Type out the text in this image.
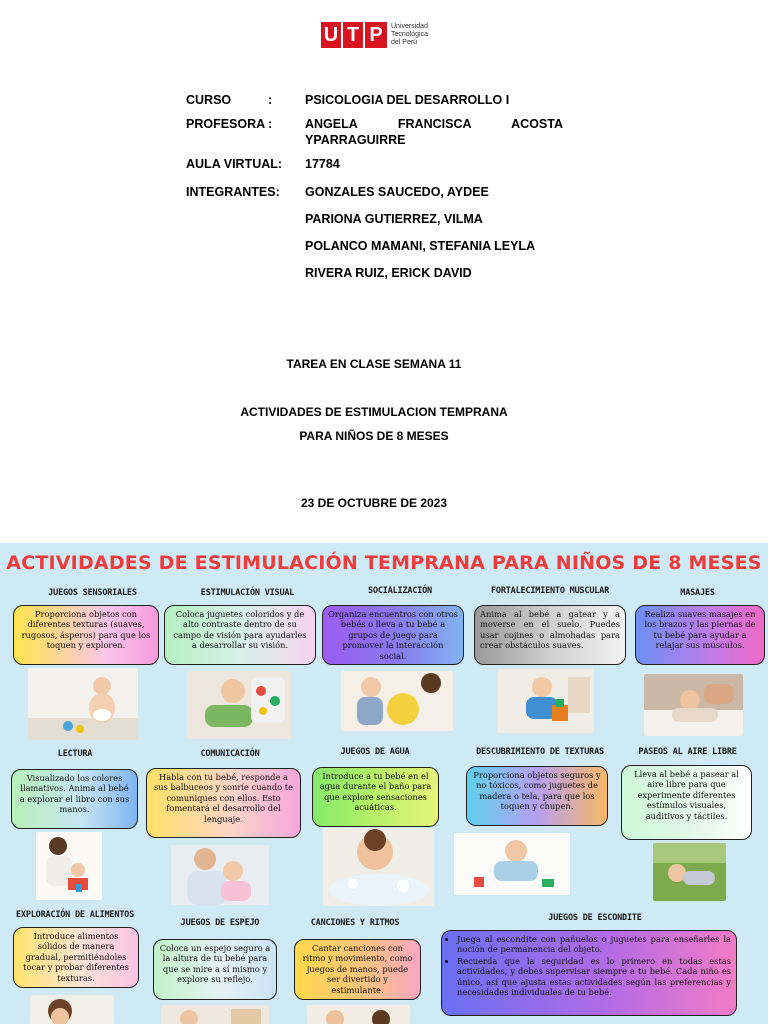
U T P	Universidad
Tecnológica
del Perú
CURSO	:	PSICOLOGIA DEL DESARROLLO I
PROFESORA :	ANGELA FRANCISCA ACOSTA
YPARRAGUIRRE
AULA VIRTUAL: 17784
INTEGRANTES: GONZALES SAUCEDO, AYDEE
PARIONA GUTIERREZ, VILMA
POLANCO MAMANI, STEFANIA LEYLA
RIVERA RUIZ, ERICK DAVID
TAREA EN CLASE SEMANA 11
ACTIVIDADES DE ESTIMULACION TEMPRANA
PARA NIÑOS DE 8 MESES
23 DE OCTUBRE DE 2023
ACTIVIDADES DE ESTIMULACIÓN TEMPRANA PARA NIÑOS DE 8 MESES
JUEGOS SENSORIALES	ESTIMULACIÓN VISUAL	SOCIALIZACIÓN	FORTALECIMIENTO MUSCULAR	MASAJES
Proporciona objetos con diferentes texturas (suaves, rugosos, ásperos) para que los toquen y exploren.
Coloca juguetes coloridos y de alto contraste dentro de su campo de visión para ayudarles a desarrollar su visión.
Organiza encuentros con otros bebés o lleva a tu bebé a grupos de juego para promover la interacción social.
Anima al bebé a gatear y a moverse en el suelo. Puedes usar cojines o almohadas para crear obstáculos suaves.
Realiza suaves masajes en los brazos y las piernas de tu bebé para ayudar a relajar sus músculos.
LECTURA	COMUNICACIÓN	JUEGOS DE AGUA	DESCUBRIMIENTO DE TEXTURAS	PASEOS AL AIRE LIBRE
Visualizado los colores llamativos. Anima al bebé a explorar el libro con sus manos.
Habla con tu bebé, responde a sus balbuceos y sonríe cuando te comuniques con ellos. Esto fomentará el desarrollo del lenguaje.
Introduce a tu bebé en el agua durante el baño para que explore sensaciones acuáticas.
Proporciona objetos seguros y no tóxicos, como juguetes de madera o tela, para que los toquen y chupen.
Lleva al bebé a pasear al aire libre para que experimente diferentes estímulos visuales, auditivos y táctiles.
EXPLORACIÓN DE ALIMENTOS
JUEGOS DE ESPEJO	CANCIONES Y RITMOS	JUEGOS DE ESCONDITE
Introduce alimentos sólidos de manera gradual, permitiéndoles tocar y probar diferentes texturas.
Coloca un espejo seguro a la altura de tu bebé para que se mire a sí mismo y explore su reflejo.
Cantar canciones con ritmo y movimiento, como juegos de manos, puede ser divertido y estimulante.
• Juega al escondite con pañuelos o juguetes para enseñarles la noción de permanencia del objeto.
• Recuerda que la seguridad es lo primero en todas estas actividades, y debes supervisar siempre a tu bebé. Cada niño es único, así que ajusta estas actividades según las preferencias y necesidades individuales de tu bebé.
